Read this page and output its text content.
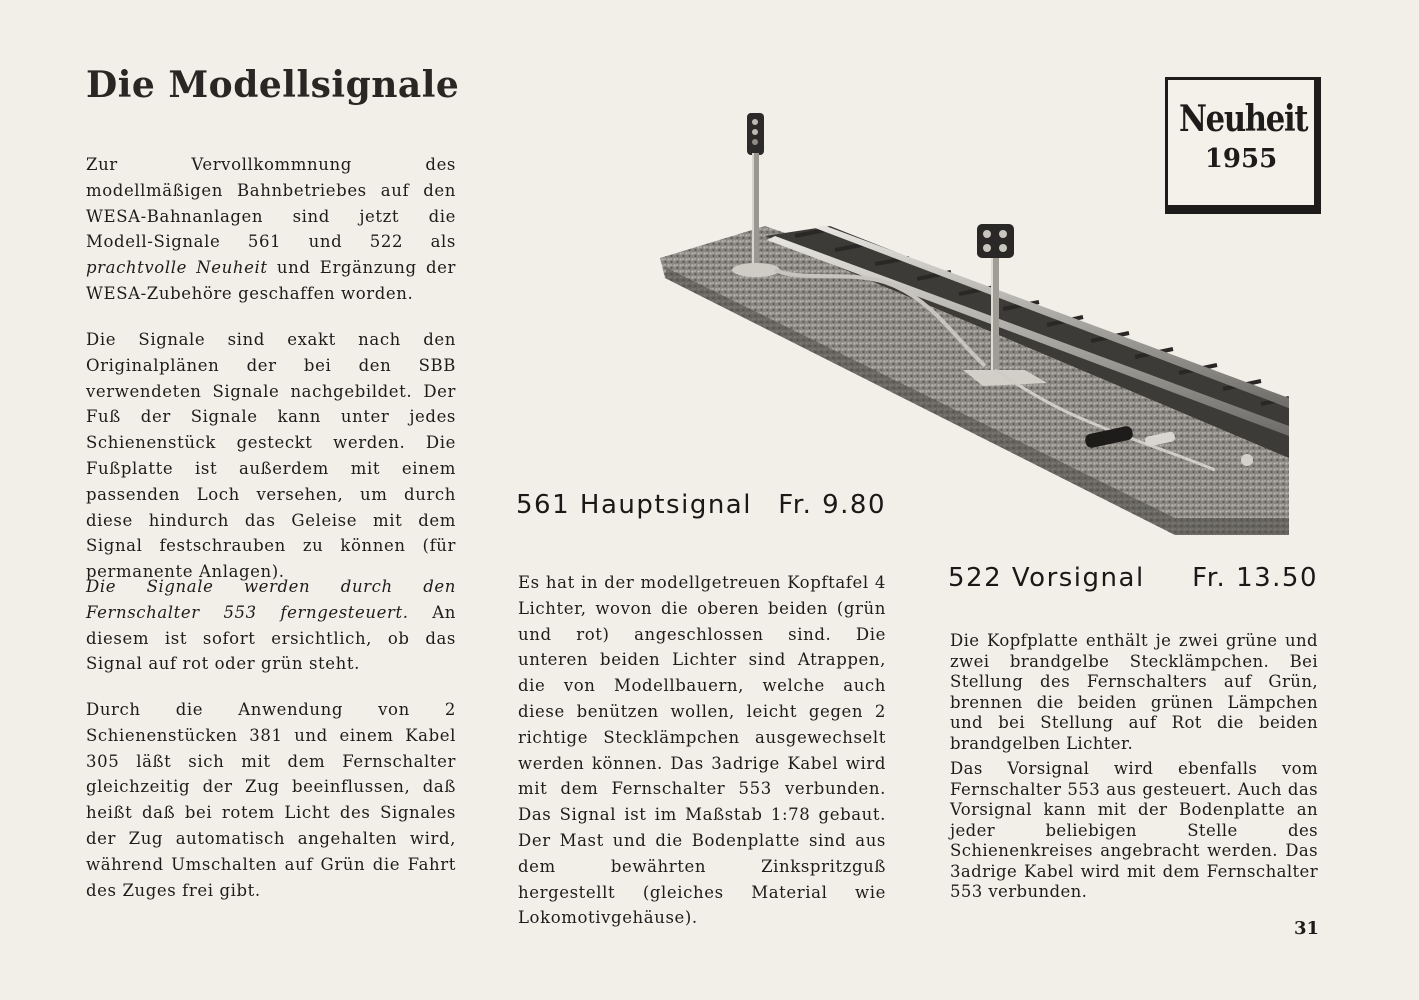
Die Modellsignale

Zur Vervollkommnung des modellmäßigen Bahnbetriebes auf den WESA-Bahnanlagen sind jetzt die Modell-Signale 561 und 522 als prachtvolle Neuheit und Ergänzung der WESA-Zubehöre geschaffen worden.

Die Signale sind exakt nach den Originalplänen der bei den SBB verwendeten Signale nachgebildet. Der Fuß der Signale kann unter jedes Schienenstück gesteckt werden. Die Fußplatte ist außerdem mit einem passenden Loch versehen, um durch diese hindurch das Geleise mit dem Signal festschrauben zu können (für permanente Anlagen).

Die Signale werden durch den Fernschalter 553 ferngesteuert. An diesem ist sofort ersichtlich, ob das Signal auf rot oder grün steht.

Durch die Anwendung von 2 Schienenstücken 381 und einem Kabel 305 läßt sich mit dem Fernschalter gleichzeitig der Zug beeinflussen, daß heißt daß bei rotem Licht des Signales der Zug automatisch angehalten wird, während Umschalten auf Grün die Fahrt des Zuges frei gibt.

Neuheit
1955
561 Hauptsignal Fr. 9.80

Es hat in der modellgetreuen Kopftafel 4 Lichter, wovon die oberen beiden (grün und rot) angeschlossen sind. Die unteren beiden Lichter sind Atrappen, die von Modellbauern, welche auch diese benützen wollen, leicht gegen 2 richtige Stecklämpchen ausgewechselt werden können. Das 3adrige Kabel wird mit dem Fernschalter 553 verbunden. Das Signal ist im Maßstab 1:78 gebaut. Der Mast und die Bodenplatte sind aus dem bewährten Zinkspritzguß hergestellt (gleiches Material wie Lokomotivgehäuse).

522 Vorsignal Fr. 13.50

Die Kopfplatte enthält je zwei grüne und zwei brandgelbe Stecklämpchen. Bei Stellung des Fernschalters auf Grün, brennen die beiden grünen Lämpchen und bei Stellung auf Rot die beiden brandgelben Lichter.

Das Vorsignal wird ebenfalls vom Fernschalter 553 aus gesteuert. Auch das Vorsignal kann mit der Bodenplatte an jeder beliebigen Stelle des Schienenkreises angebracht werden. Das 3adrige Kabel wird mit dem Fernschalter 553 verbunden.

31
